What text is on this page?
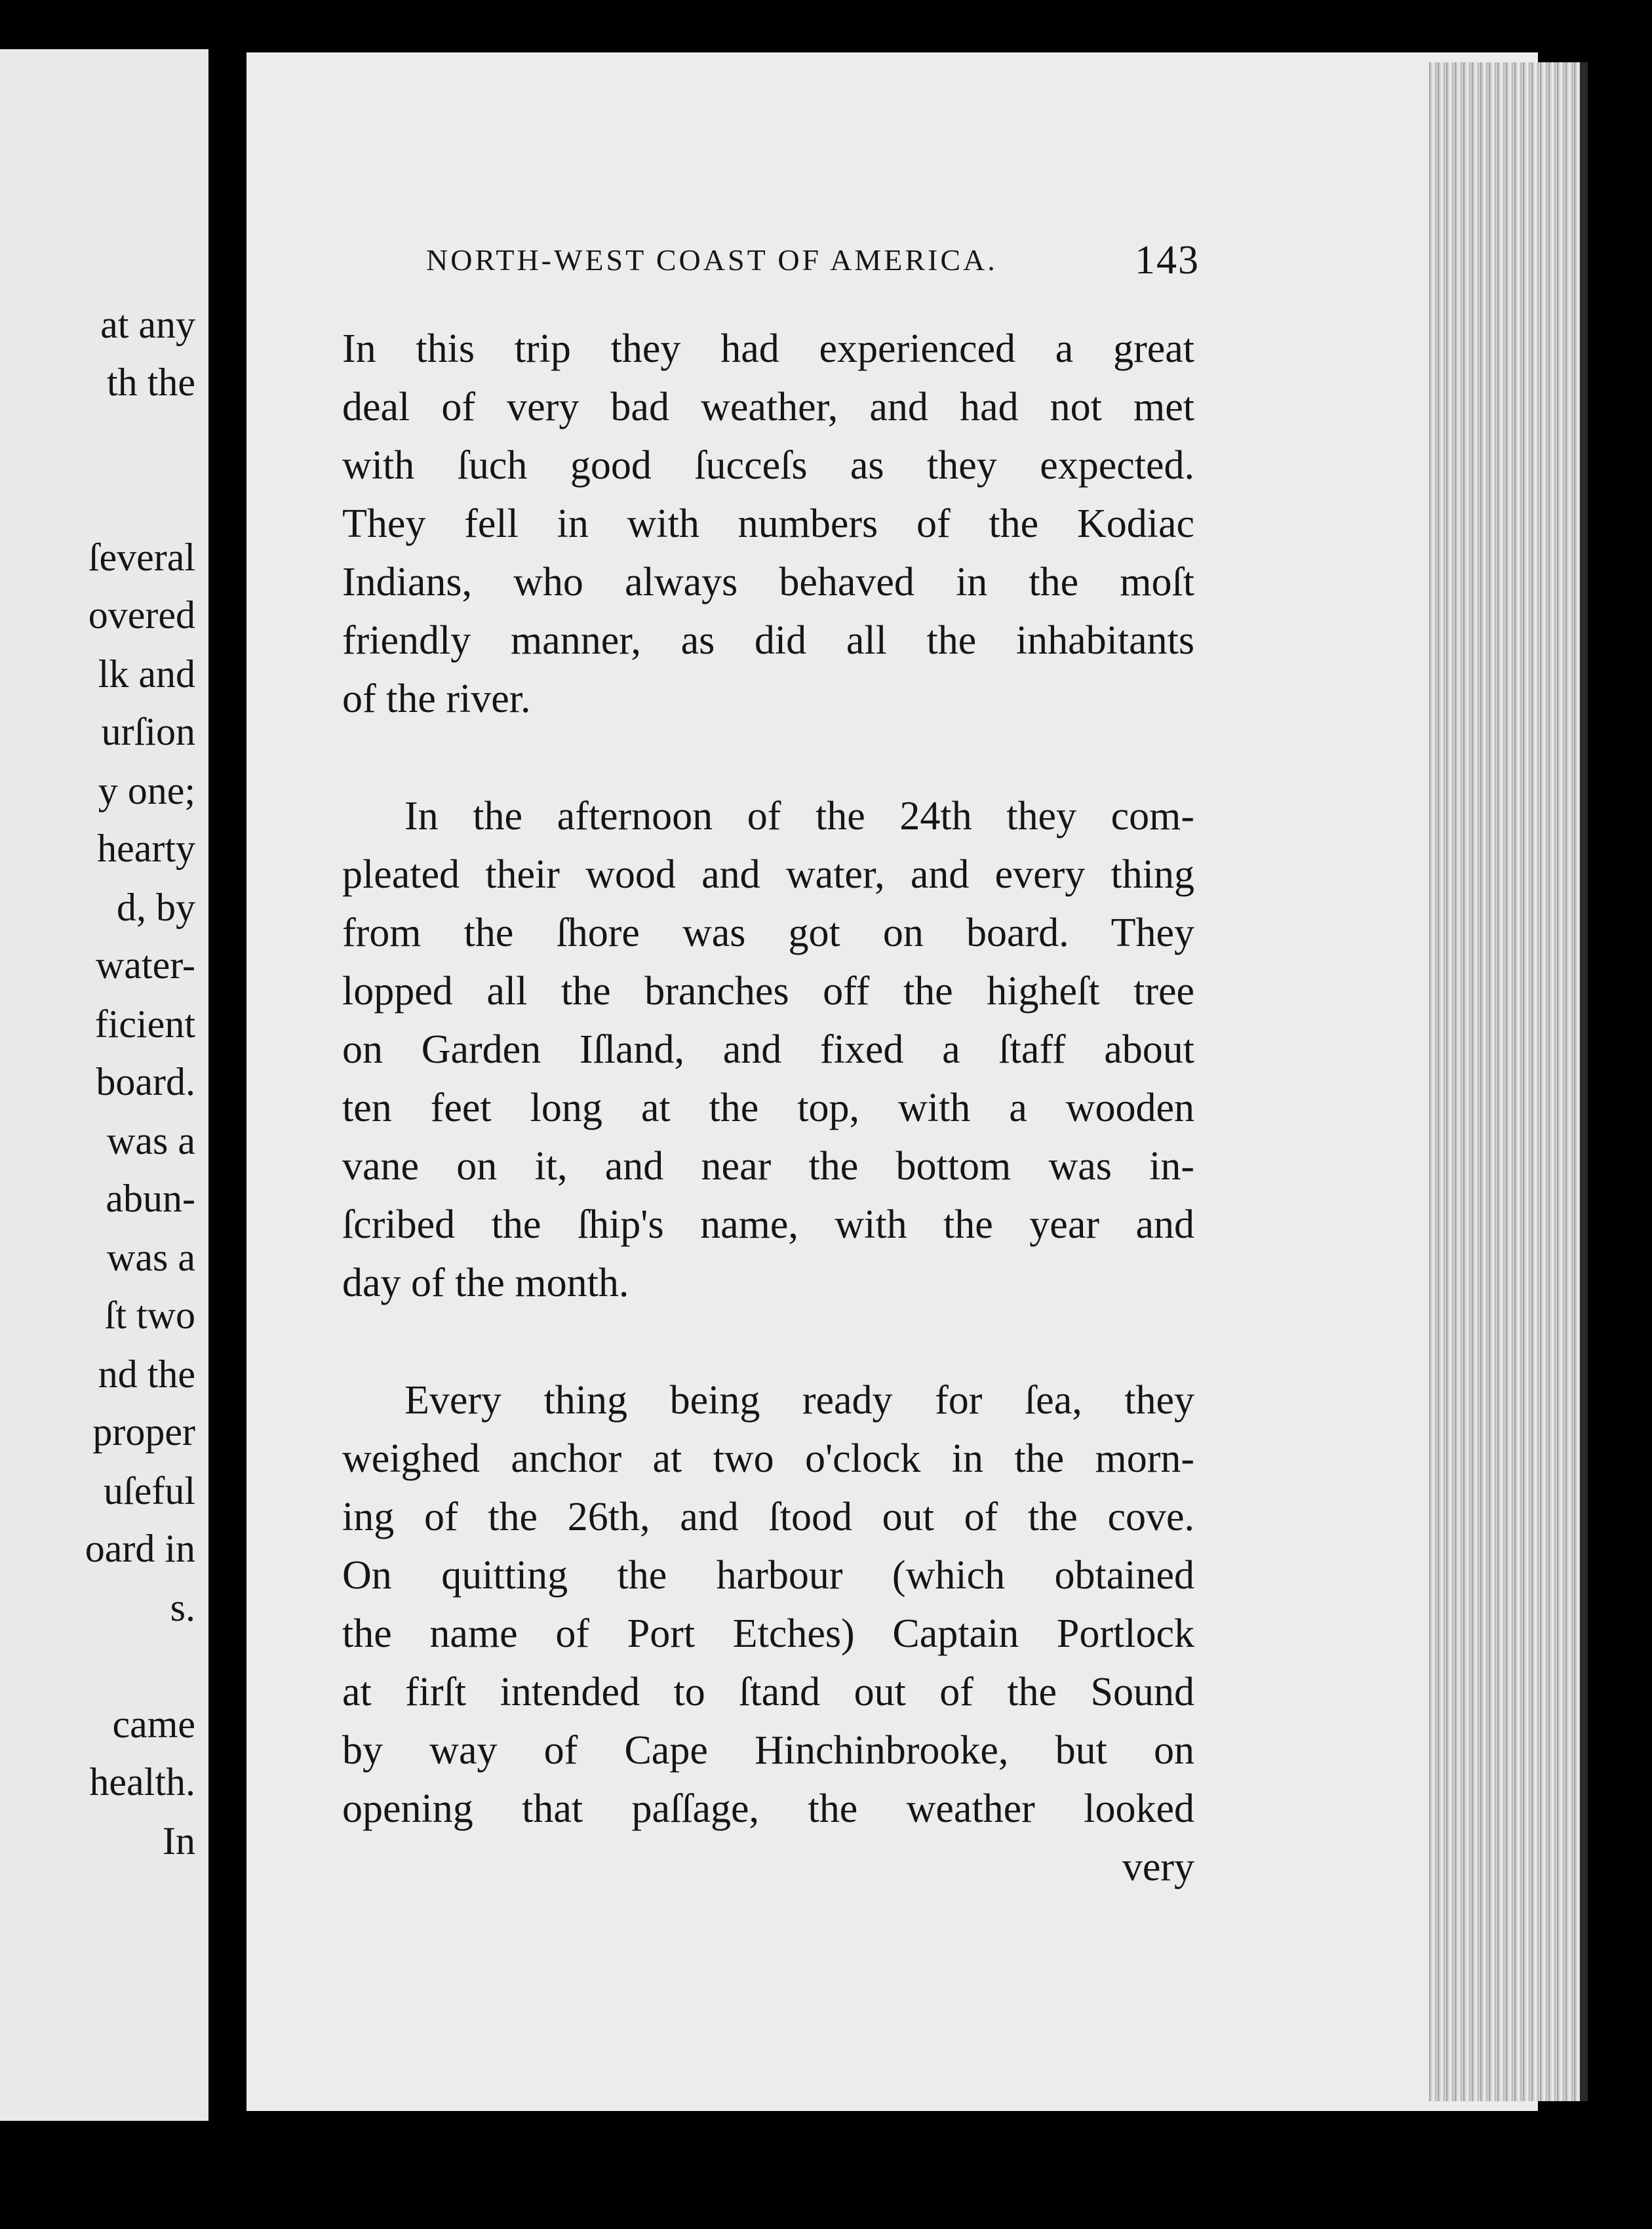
at any
th the
ſeveral
overed
lk and
urſion
y one;
hearty
d, by
water-
ficient
board.
was a
abun-
was a
ſt two
nd the
proper
uſeful
oard in
s.
came
health.
In
NORTH-WEST COAST OF AMERICA.	143
In this trip they had experienced a great
deal of very bad weather, and had not met
with ſuch good ſucceſs as they expected.
They fell in with numbers of the Kodiac
Indians, who always behaved in the moſt
friendly manner, as did all the inhabitants
of the river.
In the afternoon of the 24th they com-
pleated their wood and water, and every thing
from the ſhore was got on board. They
lopped all the branches off the higheſt tree
on Garden Iſland, and fixed a ſtaff about
ten feet long at the top, with a wooden
vane on it, and near the bottom was in-
ſcribed the ſhip's name, with the year and
day of the month.
Every thing being ready for ſea, they
weighed anchor at two o'clock in the morn-
ing of the 26th, and ſtood out of the cove.
On quitting the harbour (which obtained
the name of Port Etches) Captain Portlock
at firſt intended to ſtand out of the Sound
by way of Cape Hinchinbrooke, but on
opening that paſſage, the weather looked
very
